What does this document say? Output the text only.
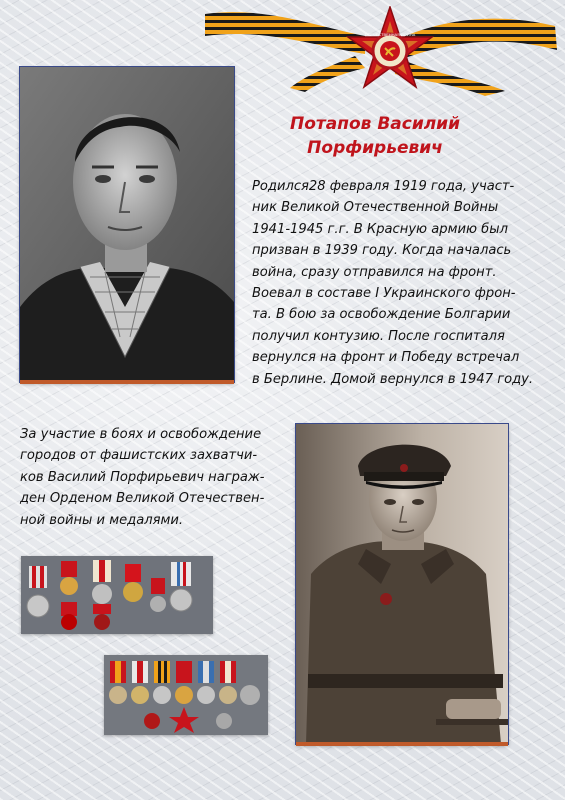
ОТЕЧЕСТВЕННАЯ ВОЙНА
Потапов Василий
Порфирьевич
Родился28 февраля 1919 года, участ-
ник Великой Отечественной Войны
1941-1945 г.г. В Красную армию был
призван в 1939 году. Когда началась
война, сразу отправился на фронт.
Воевал в составе I Украинского фрон-
та. В бою за освобождение Болгарии
получил контузию. После госпиталя
вернулся на фронт и Победу встречал
в Берлине. Домой вернулся в 1947 году.
За участие в боях и освобождение
городов от фашистских захватчи-
ков Василий Порфирьевич награж-
ден Орденом Великой Отечествен-
ной войны и медалями.
